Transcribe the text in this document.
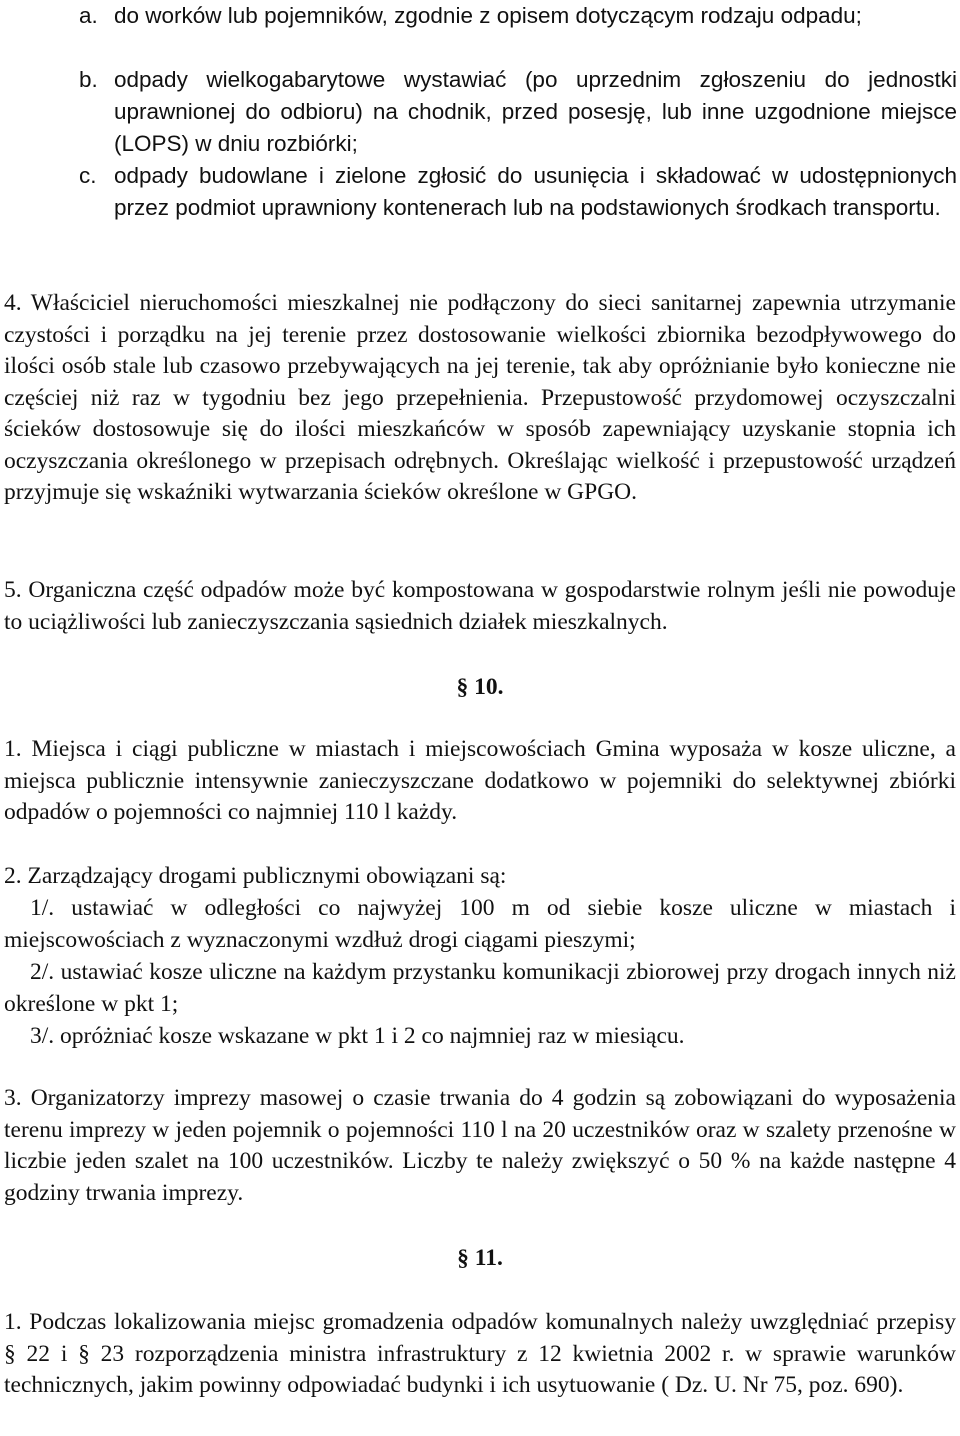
a. do worków lub pojemników, zgodnie z opisem dotyczącym rodzaju odpadu;
b. odpady wielkogabarytowe wystawiać (po uprzednim zgłoszeniu do jednostki uprawnionej do odbioru) na chodnik, przed posesję, lub inne uzgodnione miejsce (LOPS) w dniu rozbiórki;
c. odpady budowlane i zielone zgłosić do usunięcia i składować w udostępnionych przez podmiot uprawniony kontenerach lub na podstawionych środkach transportu.
4. Właściciel nieruchomości mieszkalnej nie podłączony do sieci sanitarnej zapewnia utrzymanie czystości i porządku na jej terenie przez dostosowanie wielkości zbiornika bezodpływowego do ilości osób stale lub czasowo przebywających na jej terenie, tak aby opróżnianie było konieczne nie częściej niż raz w tygodniu bez jego przepełnienia. Przepustowość przydomowej oczyszczalni ścieków dostosowuje się do ilości mieszkańców w sposób zapewniający uzyskanie stopnia ich oczyszczania określonego w przepisach odrębnych. Określając wielkość i przepustowość urządzeń przyjmuje się wskaźniki wytwarzania ścieków określone w GPGO.
5. Organiczna część odpadów może być kompostowana w gospodarstwie rolnym jeśli nie powoduje to uciążliwości lub zanieczyszczania sąsiednich działek mieszkalnych.
§ 10.
1. Miejsca i ciągi publiczne w miastach i miejscowościach Gmina wyposaża w kosze uliczne, a miejsca publicznie intensywnie zanieczyszczane dodatkowo w pojemniki do selektywnej zbiórki odpadów o pojemności co najmniej 110 l każdy.
2. Zarządzający drogami publicznymi obowiązani są:
1/. ustawiać w odległości co najwyżej 100 m od siebie kosze uliczne w miastach i miejscowościach z wyznaczonymi wzdłuż drogi ciągami pieszymi;
2/. ustawiać kosze uliczne na każdym przystanku komunikacji zbiorowej przy drogach innych niż określone w pkt 1;
3/. opróżniać kosze wskazane w pkt 1 i 2 co najmniej raz w miesiącu.
3. Organizatorzy imprezy masowej o czasie trwania do 4 godzin są zobowiązani do wyposażenia terenu imprezy w jeden pojemnik o pojemności 110 l na 20 uczestników oraz w szalety przenośne w liczbie jeden szalet na 100 uczestników. Liczby te należy zwiększyć o 50 % na każde następne 4 godziny trwania imprezy.
§ 11.
1. Podczas lokalizowania miejsc gromadzenia odpadów komunalnych należy uwzględniać przepisy § 22 i § 23 rozporządzenia ministra infrastruktury z 12 kwietnia 2002 r. w sprawie warunków technicznych, jakim powinny odpowiadać budynki i ich usytuowanie ( Dz. U. Nr 75, poz. 690).
